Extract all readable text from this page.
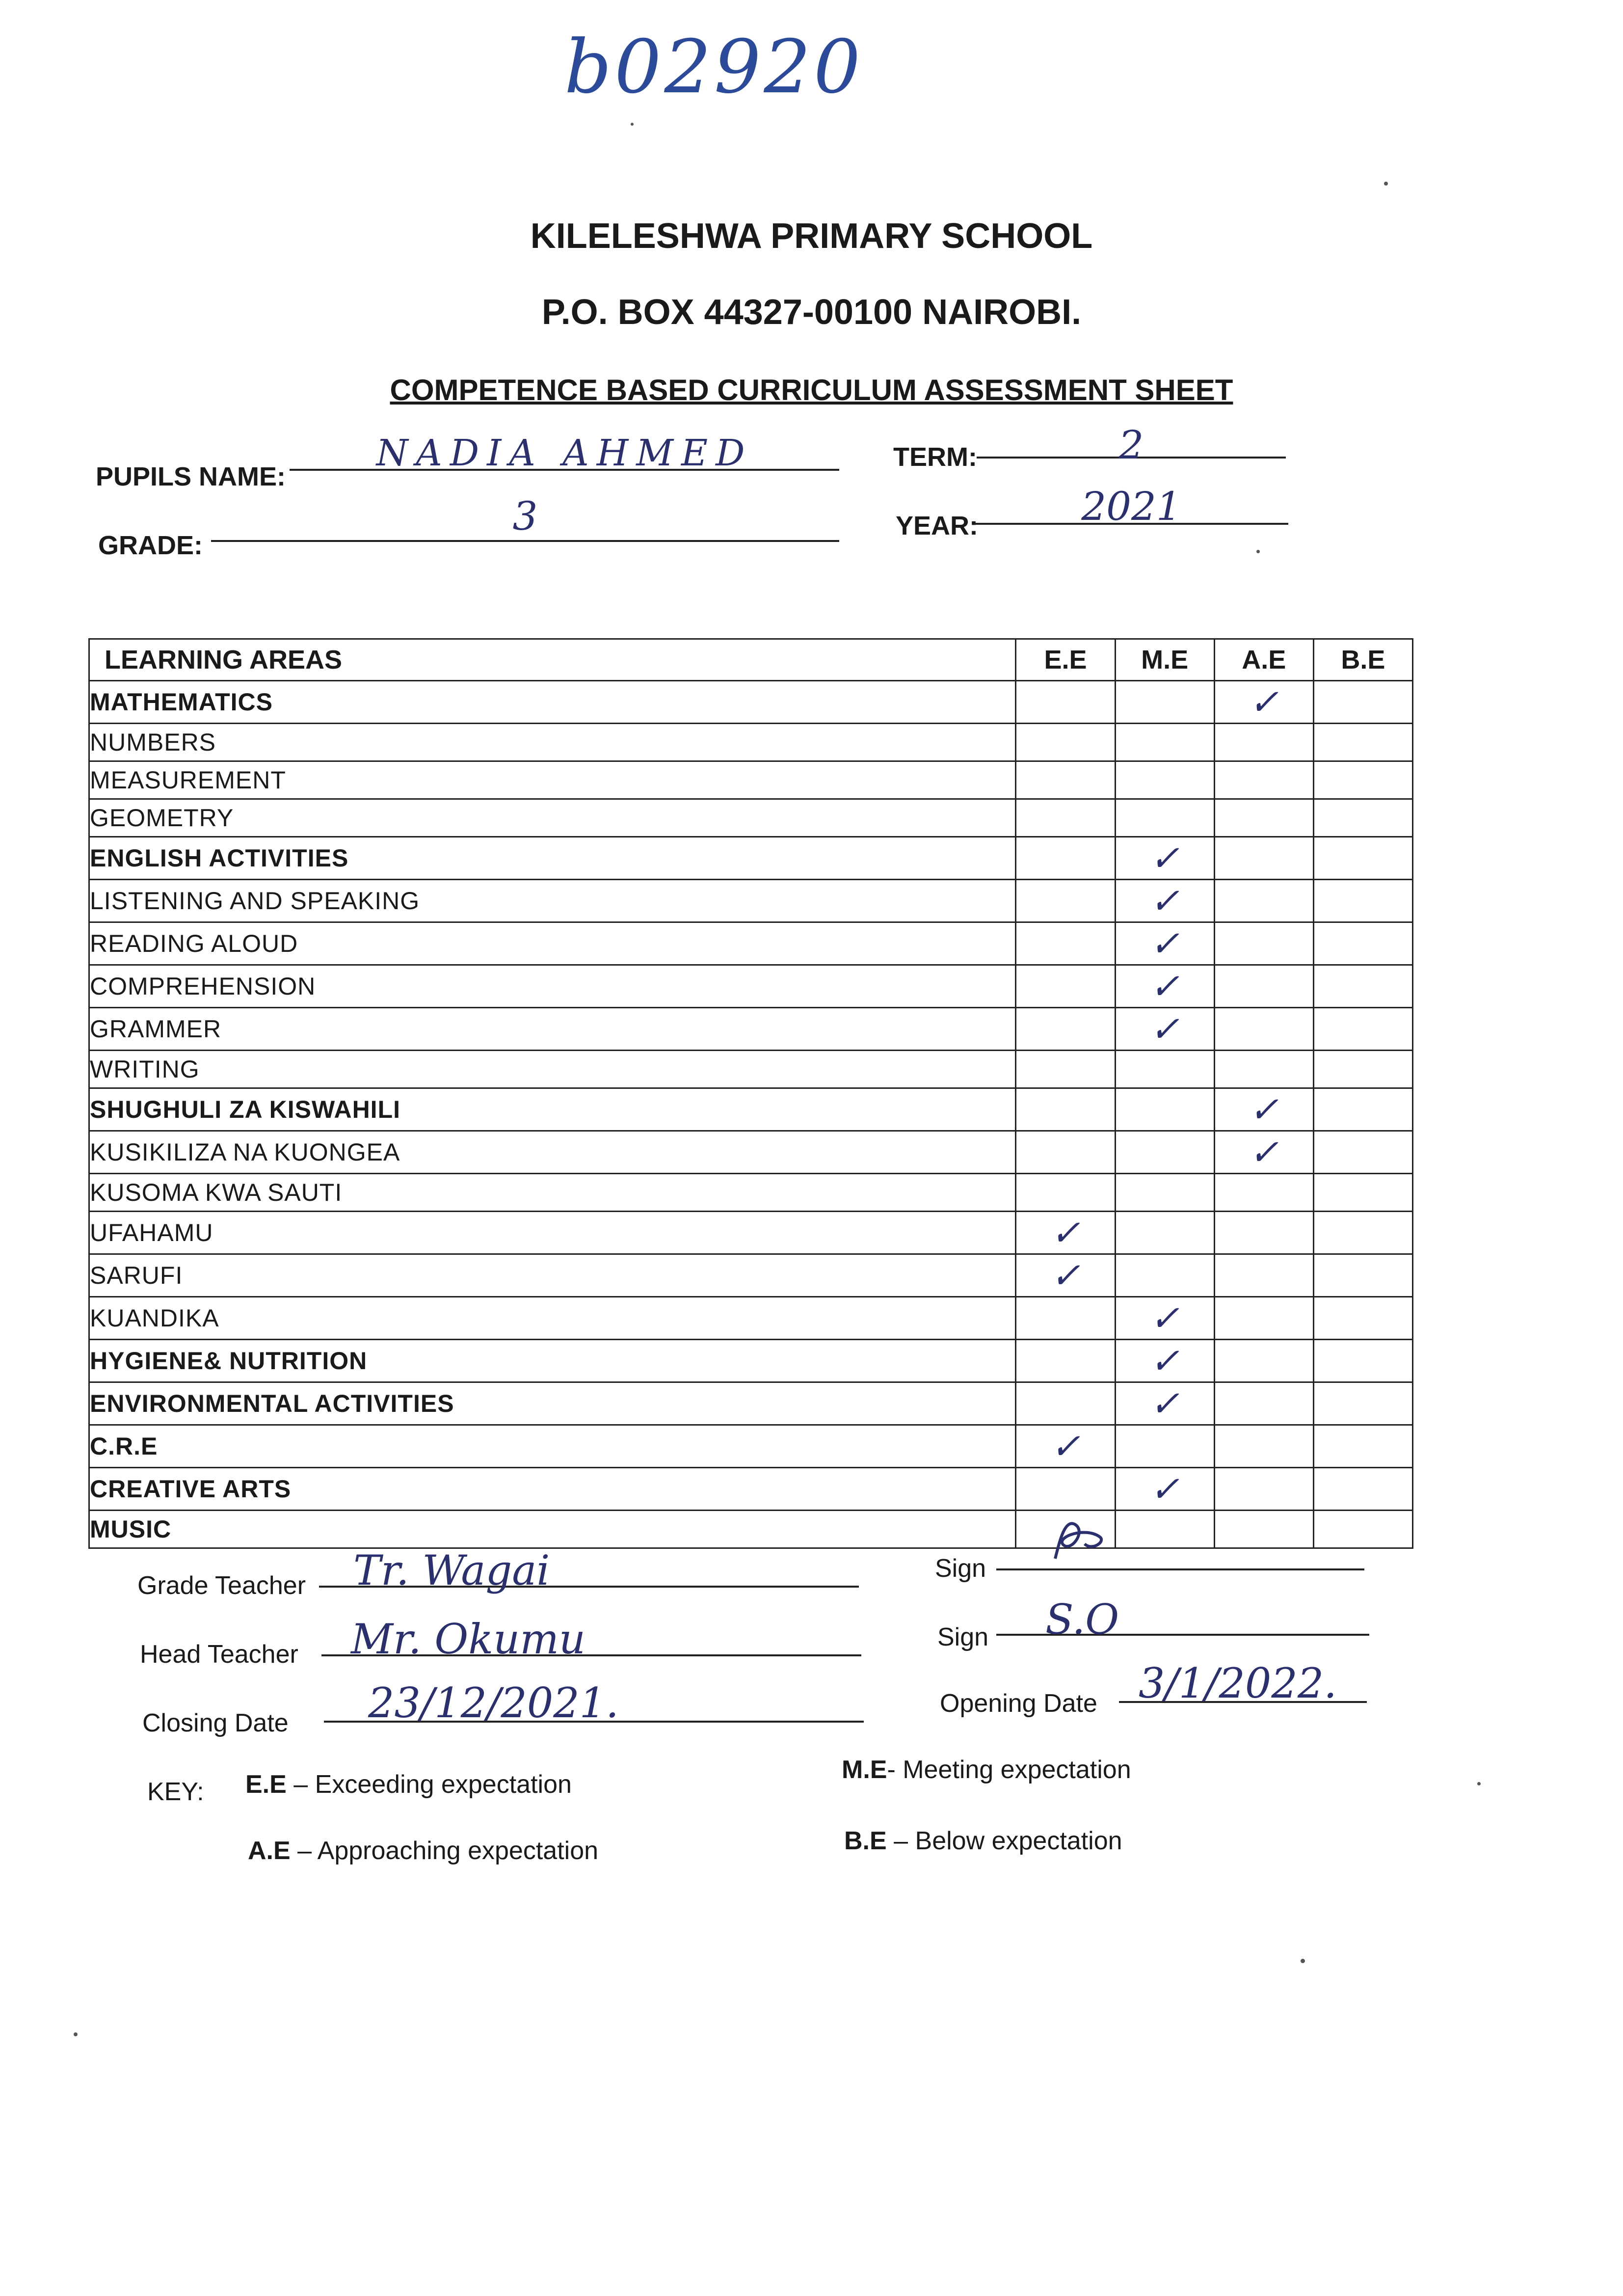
b02920
KILELESHWA PRIMARY SCHOOL
P.O. BOX 44327-00100 NAIROBI.
COMPETENCE BASED CURRICULUM ASSESSMENT SHEET
PUPILS NAME:
NADIA AHMED	TERM:	2
GRADE:
3	YEAR:	2021
LEARNING AREAS	E.E	M.E	A.E	B.E
MATHEMATICS			✓	
NUMBERS				
MEASUREMENT				
GEOMETRY				
ENGLISH ACTIVITIES		✓		
LISTENING AND SPEAKING		✓		
READING ALOUD		✓		
COMPREHENSION		✓		
GRAMMER		✓		
WRITING				
SHUGHULI ZA KISWAHILI			✓	
KUSIKILIZA NA KUONGEA			✓	
KUSOMA KWA SAUTI				
UFAHAMU	✓			
SARUFI	✓			
KUANDIKA		✓		
HYGIENE& NUTRITION		✓		
ENVIRONMENTAL ACTIVITIES		✓		
C.R.E	✓			
CREATIVE ARTS		✓		
MUSIC				
Grade Teacher	Tr. Wagai	Sign
Head Teacher	Mr. Okumu	Sign	S.O
Closing Date	23/12/2021.	Opening Date	3/1/2022.
KEY: E.E – Exceeding expectation
M.E- Meeting expectation
A.E – Approaching expectation	B.E – Below expectation
